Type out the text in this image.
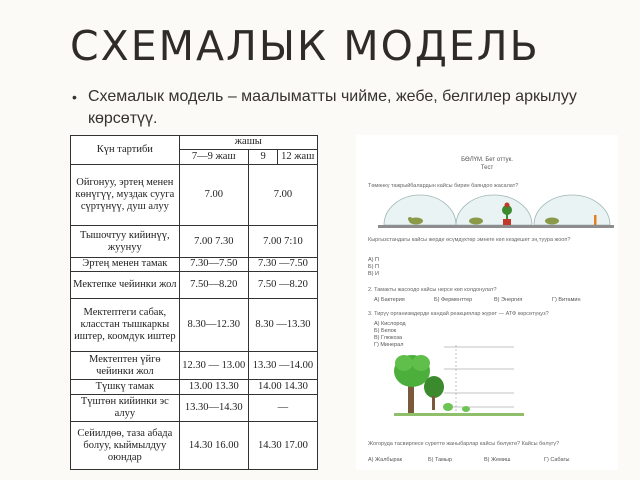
СХЕМАЛЫК МОДЕЛЬ
• Схемалык модель – маалыматты чийме, жебе, белгилер аркылуу көрсөтүү.
Күн тартиби	жашы		
	7—9 жаш	9	12 жаш
Ойгонуу, эртең менен көнүгүү, муздак сууга сүртүнүү, душ алуу	7.00	7.00	
Тышочтуу кийинүү, жуунуу	7.00 7.30	7.00 7:10	
Эртең менен тамак	7.30—7.50	7.30 —7.50	
Мектепке чейинки жол	7.50—8.20	7.50 —8.20	
Мектептеги сабак, класстан тышкаркы иштер, коомдук иштер	8.30—12.30	8.30 —13.30	
Мектептен үйгө чейинки жол	12.30 — 13.00	13.30 —14.00	
Түшкү тамак	13.00 13.30	14.00 14.30	
Түштөн кийинки эс алуу	13.30—14.30	—	
Сейилдөө, таза абада болуу, кыймылдуу оюндар	14.30 16.00	14.30 17.00	
БӨЛҮМ. Бет оттук.
Тест
Төмөнкү тажрыйбалардын кайсы бирин баяндоо жасалат?
Кыргызстандагы кайсы жерде өсүмдүктөр эмнеге көп кездешет эң туура жооп?
А) П
Б) П
В) И
2. Тамакты жасоодо кайсы нерсе көп колдонулат?
А) Бактерия	Б) Ферменттер	В) Энергия	Г) Витамин
3. Тирүү организмдерде кандай реакциялар жүрөт — АТФ көрсөтүңүз?
А) Кислород
Б) Белок
В) Глюкоза
Г) Минерал
Жогоруда тасвирлесе сүрөттө жаныбарлар кайсы бөлүктө? Кайсы бөлүгү?
А) Жалбырак	Б) Тамыр	В) Жемиш	Г) Сабагы
